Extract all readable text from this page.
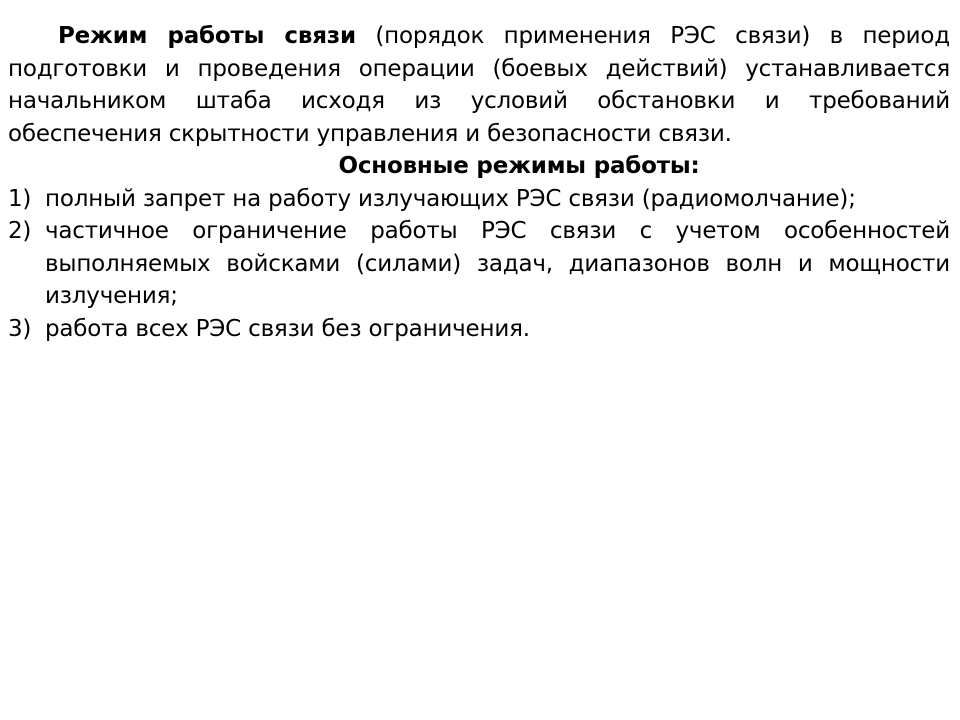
Режим работы связи (порядок применения РЭС связи) в период подготовки и проведения операции (боевых действий) устанавливается начальником штаба исходя из условий обстановки и требований обеспечения скрытности управления и безопасности связи.

Основные режимы работы:

1) полный запрет на работу излучающих РЭС связи (радиомолчание);
2) частичное ограничение работы РЭС связи с учетом особенностей выполняемых войсками (силами) задач, диапазонов волн и мощности излучения;
3) работа всех РЭС связи без ограничения.
